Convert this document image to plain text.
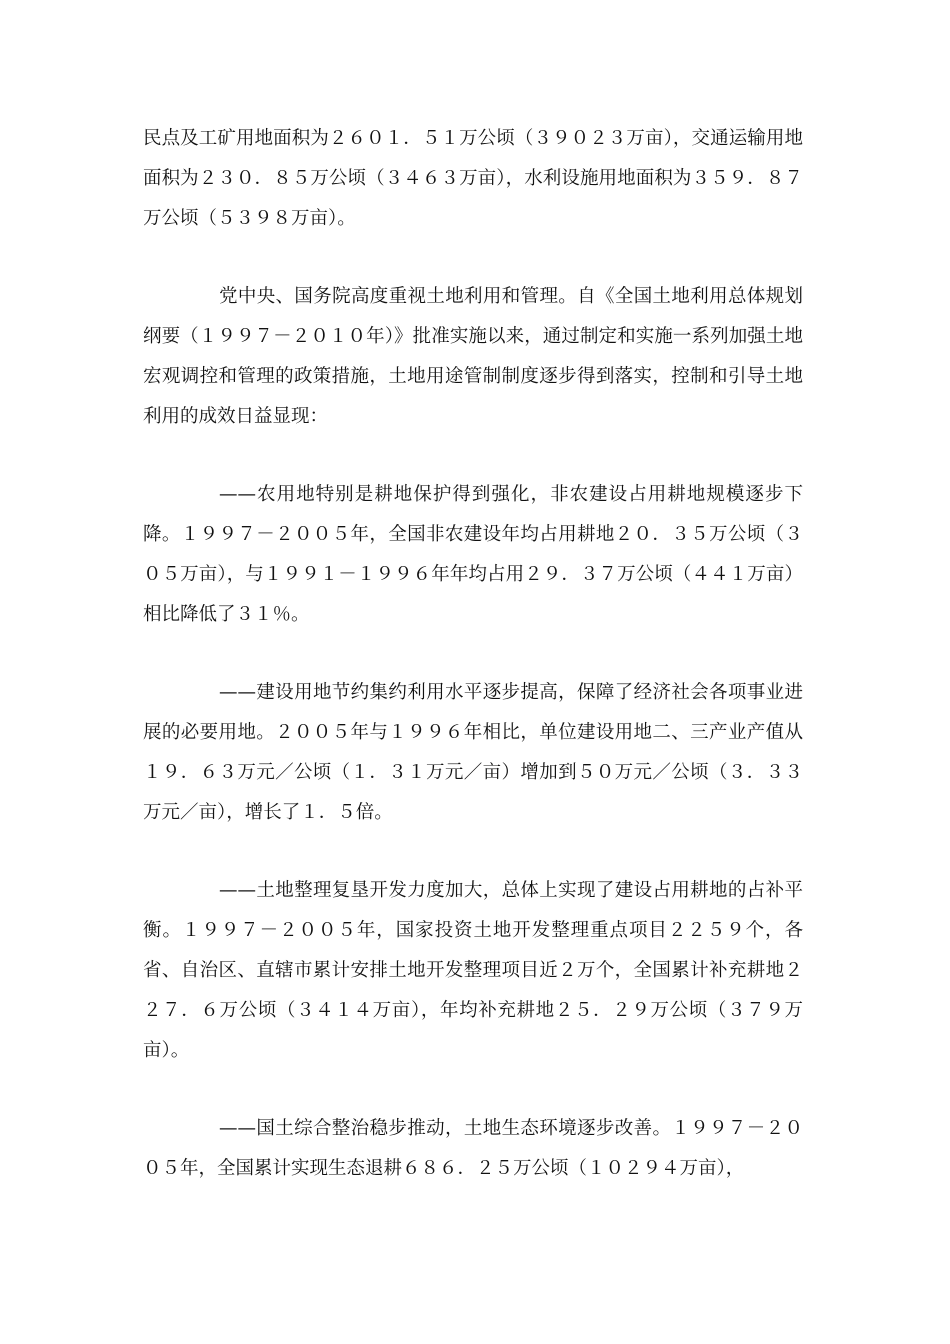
民点及工矿用地面积为２６０１．５１万公顷（３９０２３万亩），交通运输用地面积为２３０．８５万公顷（３４６３万亩），水利设施用地面积为３５９．８７万公顷（５３９８万亩）。

党中央、国务院高度重视土地利用和管理。自《全国土地利用总体规划纲要（１９９７－２０１０年）》批准实施以来，通过制定和实施一系列加强土地宏观调控和管理的政策措施，土地用途管制制度逐步得到落实，控制和引导土地利用的成效日益显现：

——农用地特别是耕地保护得到强化，非农建设占用耕地规模逐步下降。１９９７－２００５年，全国非农建设年均占用耕地２０．３５万公顷（３０５万亩），与１９９１－１９９６年年均占用２９．３７万公顷（４４１万亩）相比降低了３１％。

——建设用地节约集约利用水平逐步提高，保障了经济社会各项事业进展的必要用地。２００５年与１９９６年相比，单位建设用地二、三产业产值从１９．６３万元／公顷（１．３１万元／亩）增加到５０万元／公顷（３．３３万元／亩），增长了１．５倍。

——土地整理复垦开发力度加大，总体上实现了建设占用耕地的占补平衡。１９９７－２００５年，国家投资土地开发整理重点项目２２５９个，各省、自治区、直辖市累计安排土地开发整理项目近２万个，全国累计补充耕地２２７．６万公顷（３４１４万亩），年均补充耕地２５．２９万公顷（３７９万亩）。

——国土综合整治稳步推动，土地生态环境逐步改善。１９９７－２００５年，全国累计实现生态退耕６８６．２５万公顷（１０２９４万亩），
